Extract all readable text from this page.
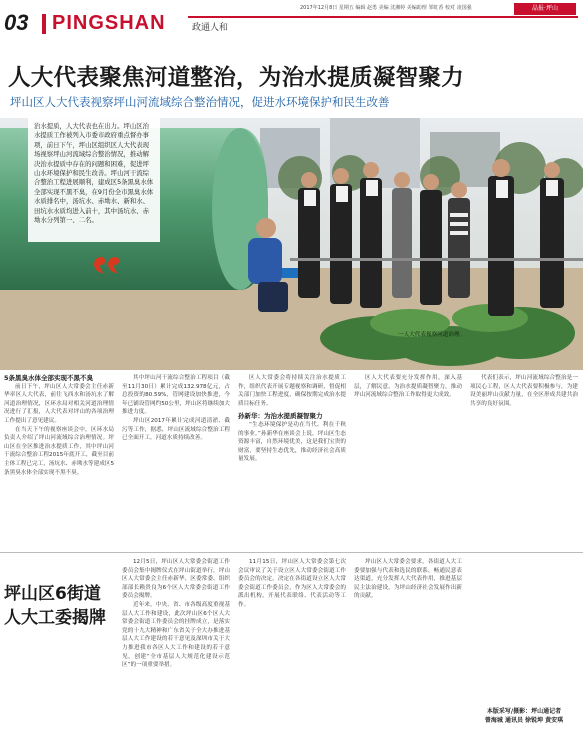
03 PINGSHAN	政通人和
2017年12月8日 星期五 编辑 赵勇 美编 沈湘婷 美编助理 邹虹香 校对 凌国强	晶报·坪山
人大代表聚焦河道整治，为治水提质凝智聚力
坪山区人大代表视察坪山河流域综合整治情况，促进水环境保护和民生改善
治水提质，人大代表也在出力。坪山区治水提质工作被列入市委市政府重点督办事项，前日下午，坪山区组织区人大代表现场视察坪山河流域综合整治情况，推动解决治水提质中存在的问题和困难，促进坪山水环境保护和民生改善。坪山河干流综合整治工程进展顺利，建成区5条黑臭水体全部实现不黑不臭，在9月份全市黑臭水体水质排名中，汤坑水、赤坳水、新和水、田坑水水质均进入前十，其中汤坑水、赤坳水分列第一、二名。
一人大代表视察河道治理。
5条黑臭水体全部实现不黑不臭

前日下午，坪山区人大常委会主任赤新华率区人大代表，前往飞西水和汤坑水了解河道治理情况，区环水局对相关河道治理情况进行了汇报，人大代表对坪山的各项治理工作提出了意见建议。

在当天下午的视察座谈会中，区环水局负责人介绍了坪山河流域综合治理情况。坪山区在全区推进治水提质工作，其中坪山河干流综合整治工程2015年底开工，截至目前主体工程已完工，汤坑水、赤坳水等建成区5条黑臭水体全部实现不黑不臭。

其中坪山河干流综合整治工程项目（截至11月30日）累计完成132.978亿元，占总投资的80.59%，管网建设加快推进，今年已铺设管网约50公里，坪山区将继续加大推进力度。

坪山区2017年累计完成河道清淤、截污等工作，据悉，坪山区流域综合整治工程已全面开工，河道水质持续改善。

区人大常委会将持续关注治水提质工作，组织代表开展专题视察和调研，督促相关部门加快工程进度，确保按期完成治水提质目标任务。

孙新华：为治水提质凝智聚力

“生态环境保护是功在当代、利在千秋的事业。”孙新华在座谈会上说，坪山区生态资源丰富，自然环境优美，这是我们宝贵的财富，要坚持生态优先，推动经济社会高质量发展。

区人大代表要充分发挥作用，深入基层，了解民意，为治水提质凝智聚力，推动坪山河流域综合整治工作取得更大成效。

代表们表示，坪山河流域综合整治是一项民心工程，区人大代表要积极参与，为建设美丽坪山贡献力量，在全区形成共建共治共享的良好氛围。

坪山区6街道
人大工委揭牌

12月5日，坪山区人大常委会街道工作委员会集中揭牌仪式在坪山街道举行，坪山区人大常委会主任赤新华、区委常委、组织部部长赖贵良为6个区人大常委会街道工作委员会揭牌。

近年来，中央、省、市各级高度重视基层人大工作和建设，此次坪山区6个区人大常委会街道工作委员会的挂牌成立，是落实党的十九大精神和广东省关于全大办推进基层人大工作建设的若干意见及深圳市关于大力推进我市各区人大工作和建设的若干意见，创建“全市基层人大规范化建设示范区”的一项重要举措。

11月15日，坪山区人大常委会第七次会议审议了关于设立区人大常委会街道工作委员会的决定，决定在各街道设立区人大常委会街道工作委员会，作为区人大常委会的派出机构，开展代表联络、代表活动等工作。

坪山区人大常委会要求，各街道人大工委要加强与代表和选民的联系，畅通民意表达渠道，充分发挥人大代表作用，推进基层民主法治建设，为坪山经济社会发展作出新的贡献。

本版采写/摄影：坪山通记者
曾海城 通讯员 徐锐坤 黄安琪
